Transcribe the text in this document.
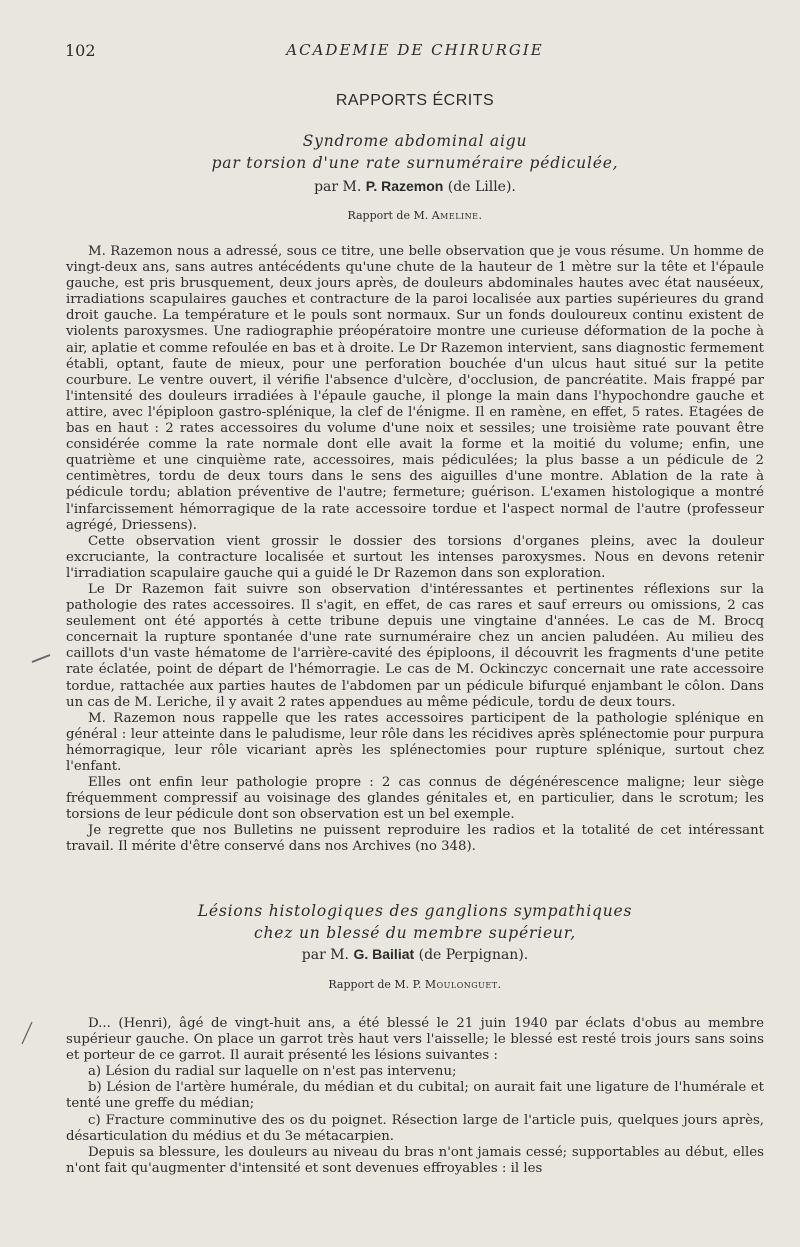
102	ACADEMIE DE CHIRURGIE
RAPPORTS ÉCRITS
Syndrome abdominal aigu
par torsion d'une rate surnuméraire pédiculée,
par M. P. Razemon (de Lille).
Rapport de M. Ameline.

M. Razemon nous a adressé, sous ce titre, une belle observation que je vous résume. Un homme de vingt-deux ans, sans autres antécédents qu'une chute de la hauteur de 1 mètre sur la tête et l'épaule gauche, est pris brusquement, deux jours après, de douleurs abdominales hautes avec état nauséeux, irradiations scapulaires gauches et contracture de la paroi localisée aux parties supérieures du grand droit gauche. La température et le pouls sont normaux. Sur un fonds douloureux continu existent de violents paroxysmes. Une radiographie préopératoire montre une curieuse déformation de la poche à air, aplatie et comme refoulée en bas et à droite. Le Dr Razemon intervient, sans diagnostic fermement établi, optant, faute de mieux, pour une perforation bouchée d'un ulcus haut situé sur la petite courbure. Le ventre ouvert, il vérifie l'absence d'ulcère, d'occlusion, de pancréatite. Mais frappé par l'intensité des douleurs irradiées à l'épaule gauche, il plonge la main dans l'hypochondre gauche et attire, avec l'épiploon gastro-splénique, la clef de l'énigme. Il en ramène, en effet, 5 rates. Etagées de bas en haut : 2 rates accessoires du volume d'une noix et sessiles; une troisième rate pouvant être considérée comme la rate normale dont elle avait la forme et la moitié du volume; enfin, une quatrième et une cinquième rate, accessoires, mais pédiculées; la plus basse a un pédicule de 2 centimètres, tordu de deux tours dans le sens des aiguilles d'une montre. Ablation de la rate à pédicule tordu; ablation préventive de l'autre; fermeture; guérison. L'examen histologique a montré l'infarcissement hémorragique de la rate accessoire tordue et l'aspect normal de l'autre (professeur agrégé, Driessens).

Cette observation vient grossir le dossier des torsions d'organes pleins, avec la douleur excruciante, la contracture localisée et surtout les intenses paroxysmes. Nous en devons retenir l'irradiation scapulaire gauche qui a guidé le Dr Razemon dans son exploration.

Le Dr Razemon fait suivre son observation d'intéressantes et pertinentes réflexions sur la pathologie des rates accessoires. Il s'agit, en effet, de cas rares et sauf erreurs ou omissions, 2 cas seulement ont été apportés à cette tribune depuis une vingtaine d'années. Le cas de M. Brocq concernait la rupture spontanée d'une rate surnuméraire chez un ancien paludéen. Au milieu des caillots d'un vaste hématome de l'arrière-cavité des épiploons, il découvrit les fragments d'une petite rate éclatée, point de départ de l'hémorragie. Le cas de M. Ockinczyc concernait une rate accessoire tordue, rattachée aux parties hautes de l'abdomen par un pédicule bifurqué enjambant le côlon. Dans un cas de M. Leriche, il y avait 2 rates appendues au même pédicule, tordu de deux tours.

M. Razemon nous rappelle que les rates accessoires participent de la pathologie splénique en général : leur atteinte dans le paludisme, leur rôle dans les récidives après splénectomie pour purpura hémorragique, leur rôle vicariant après les splénectomies pour rupture splénique, surtout chez l'enfant.

Elles ont enfin leur pathologie propre : 2 cas connus de dégénérescence maligne; leur siège fréquemment compressif au voisinage des glandes génitales et, en particulier, dans le scrotum; les torsions de leur pédicule dont son observation est un bel exemple.

Je regrette que nos Bulletins ne puissent reproduire les radios et la totalité de cet intéressant travail. Il mérite d'être conservé dans nos Archives (no 348).

Lésions histologiques des ganglions sympathiques
chez un blessé du membre supérieur,
par M. G. Bailiat (de Perpignan).
Rapport de M. P. Moulonguet.

D... (Henri), âgé de vingt-huit ans, a été blessé le 21 juin 1940 par éclats d'obus au membre supérieur gauche. On place un garrot très haut vers l'aisselle; le blessé est resté trois jours sans soins et porteur de ce garrot. Il aurait présenté les lésions suivantes :

a) Lésion du radial sur laquelle on n'est pas intervenu;

b) Lésion de l'artère humérale, du médian et du cubital; on aurait fait une ligature de l'humérale et tenté une greffe du médian;

c) Fracture comminutive des os du poignet. Résection large de l'article puis, quelques jours après, désarticulation du médius et du 3e métacarpien.

Depuis sa blessure, les douleurs au niveau du bras n'ont jamais cessé; supportables au début, elles n'ont fait qu'augmenter d'intensité et sont devenues effroyables : il les
